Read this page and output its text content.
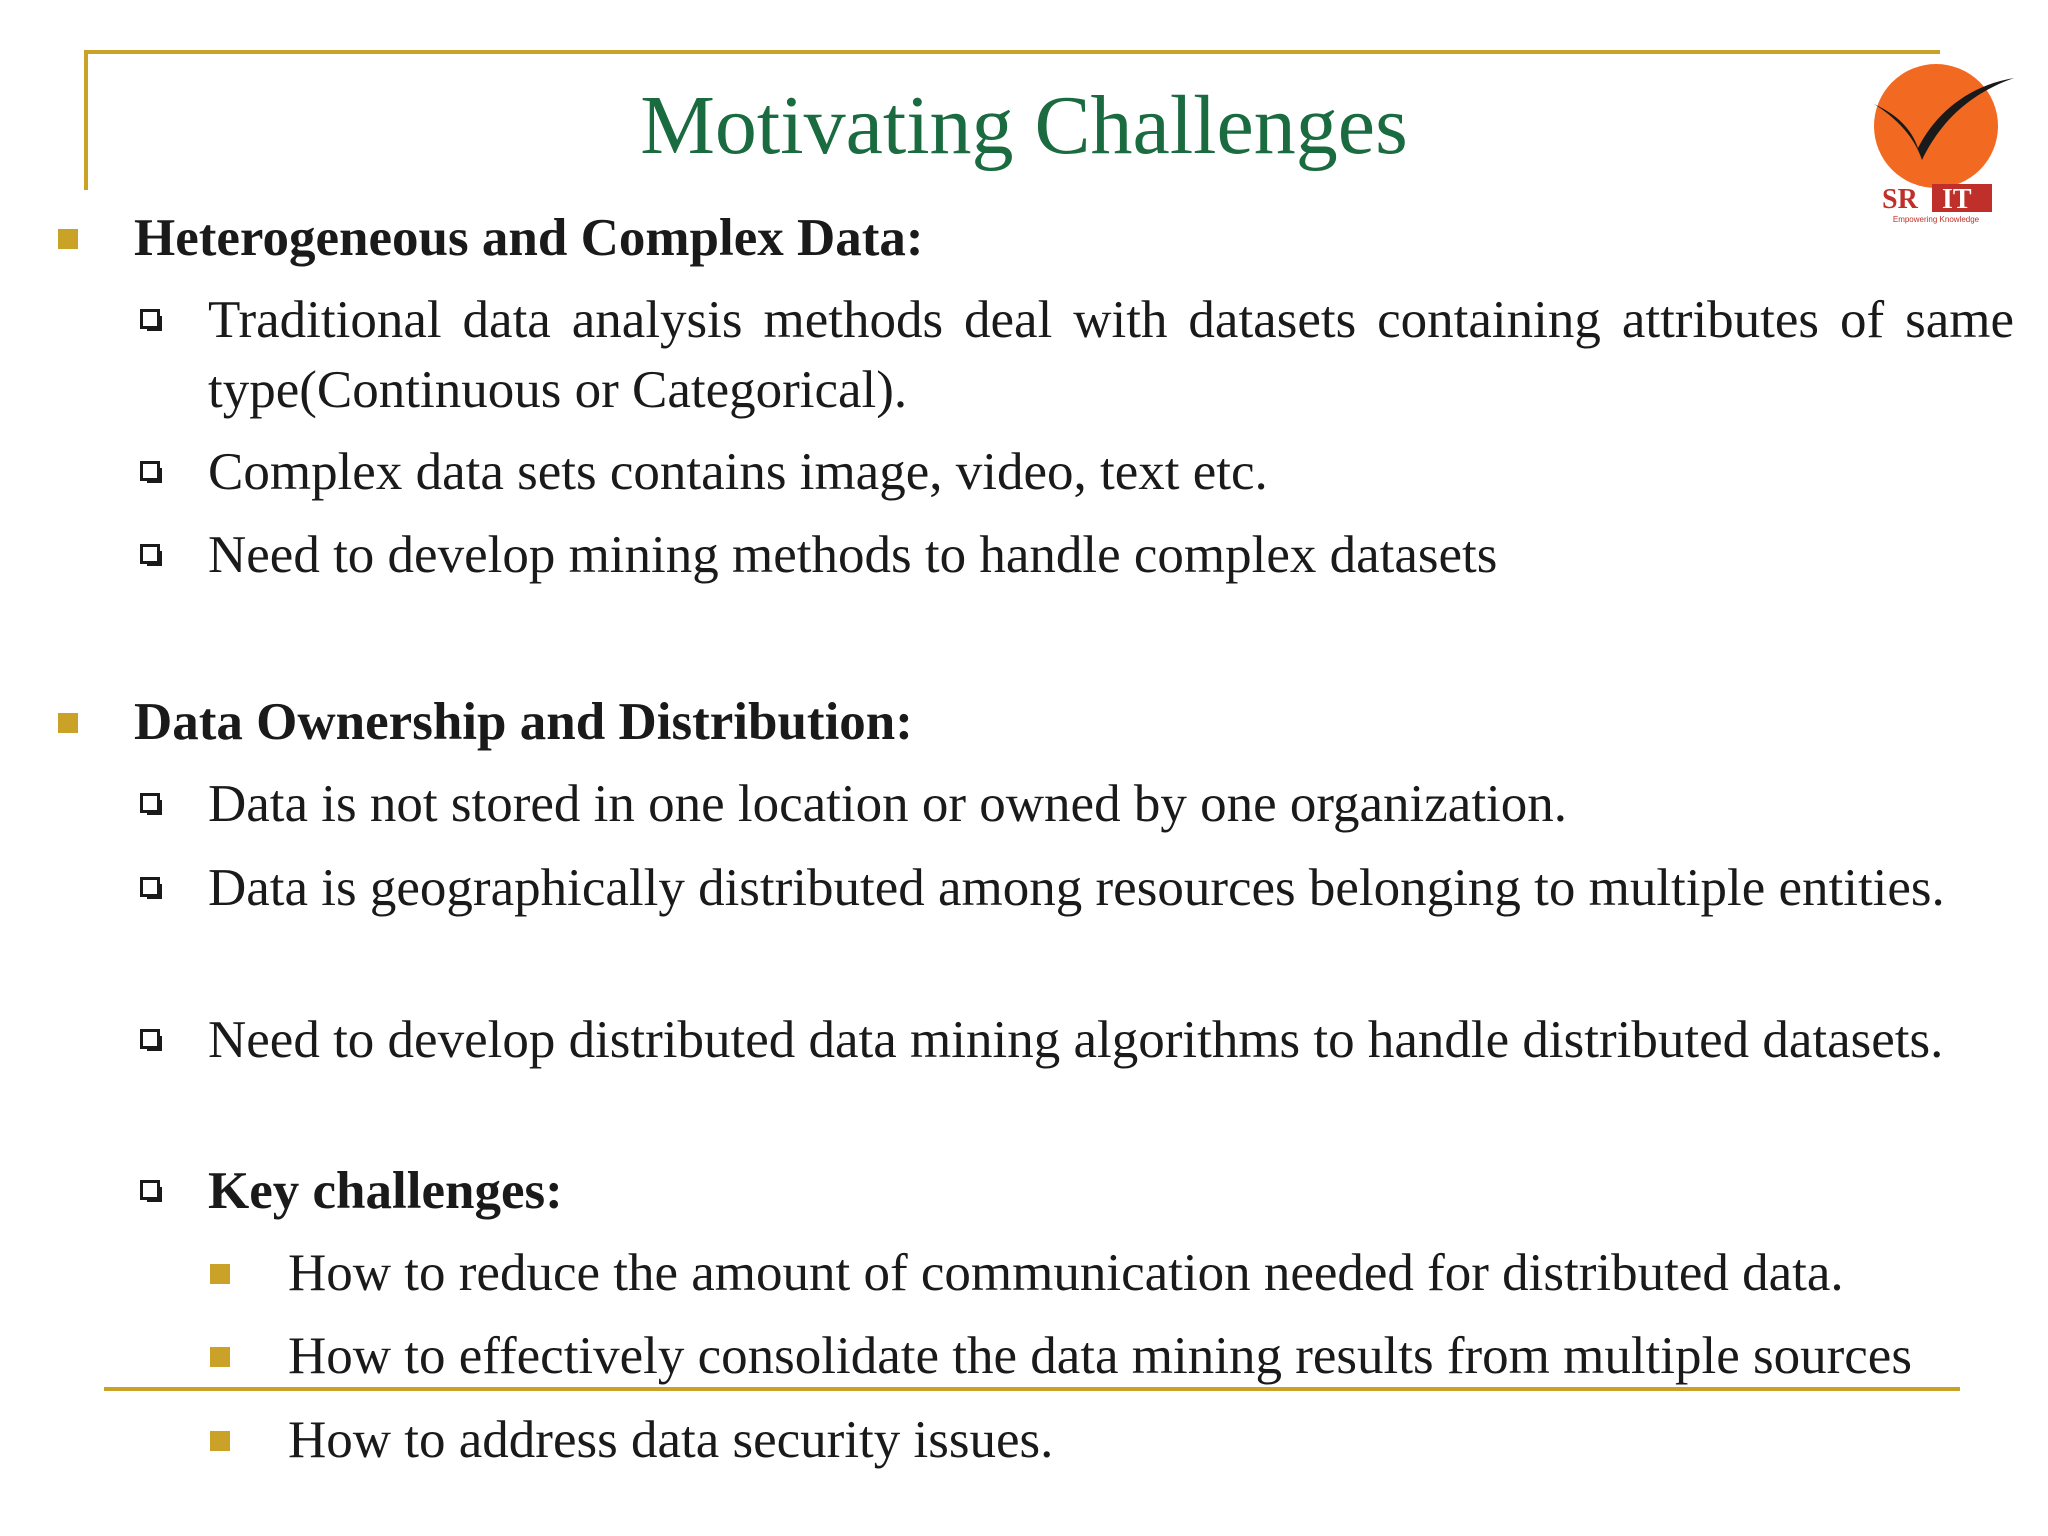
Motivating Challenges
SR IT
Empowering Knowledge
Heterogeneous and Complex Data:
Traditional data analysis methods deal with datasets containing attributes of same type(Continuous or Categorical).
Complex data sets contains image, video, text etc.
Need to develop mining methods to handle complex datasets
Data Ownership and Distribution:
Data is not stored in one location or owned by one organization.
Data is geographically distributed among resources belonging to multiple entities.
Need to develop distributed data mining algorithms to handle distributed datasets.
Key challenges:
How to reduce the amount of communication needed for distributed data.
How to effectively consolidate the data mining results from multiple sources
How to address data security issues.
